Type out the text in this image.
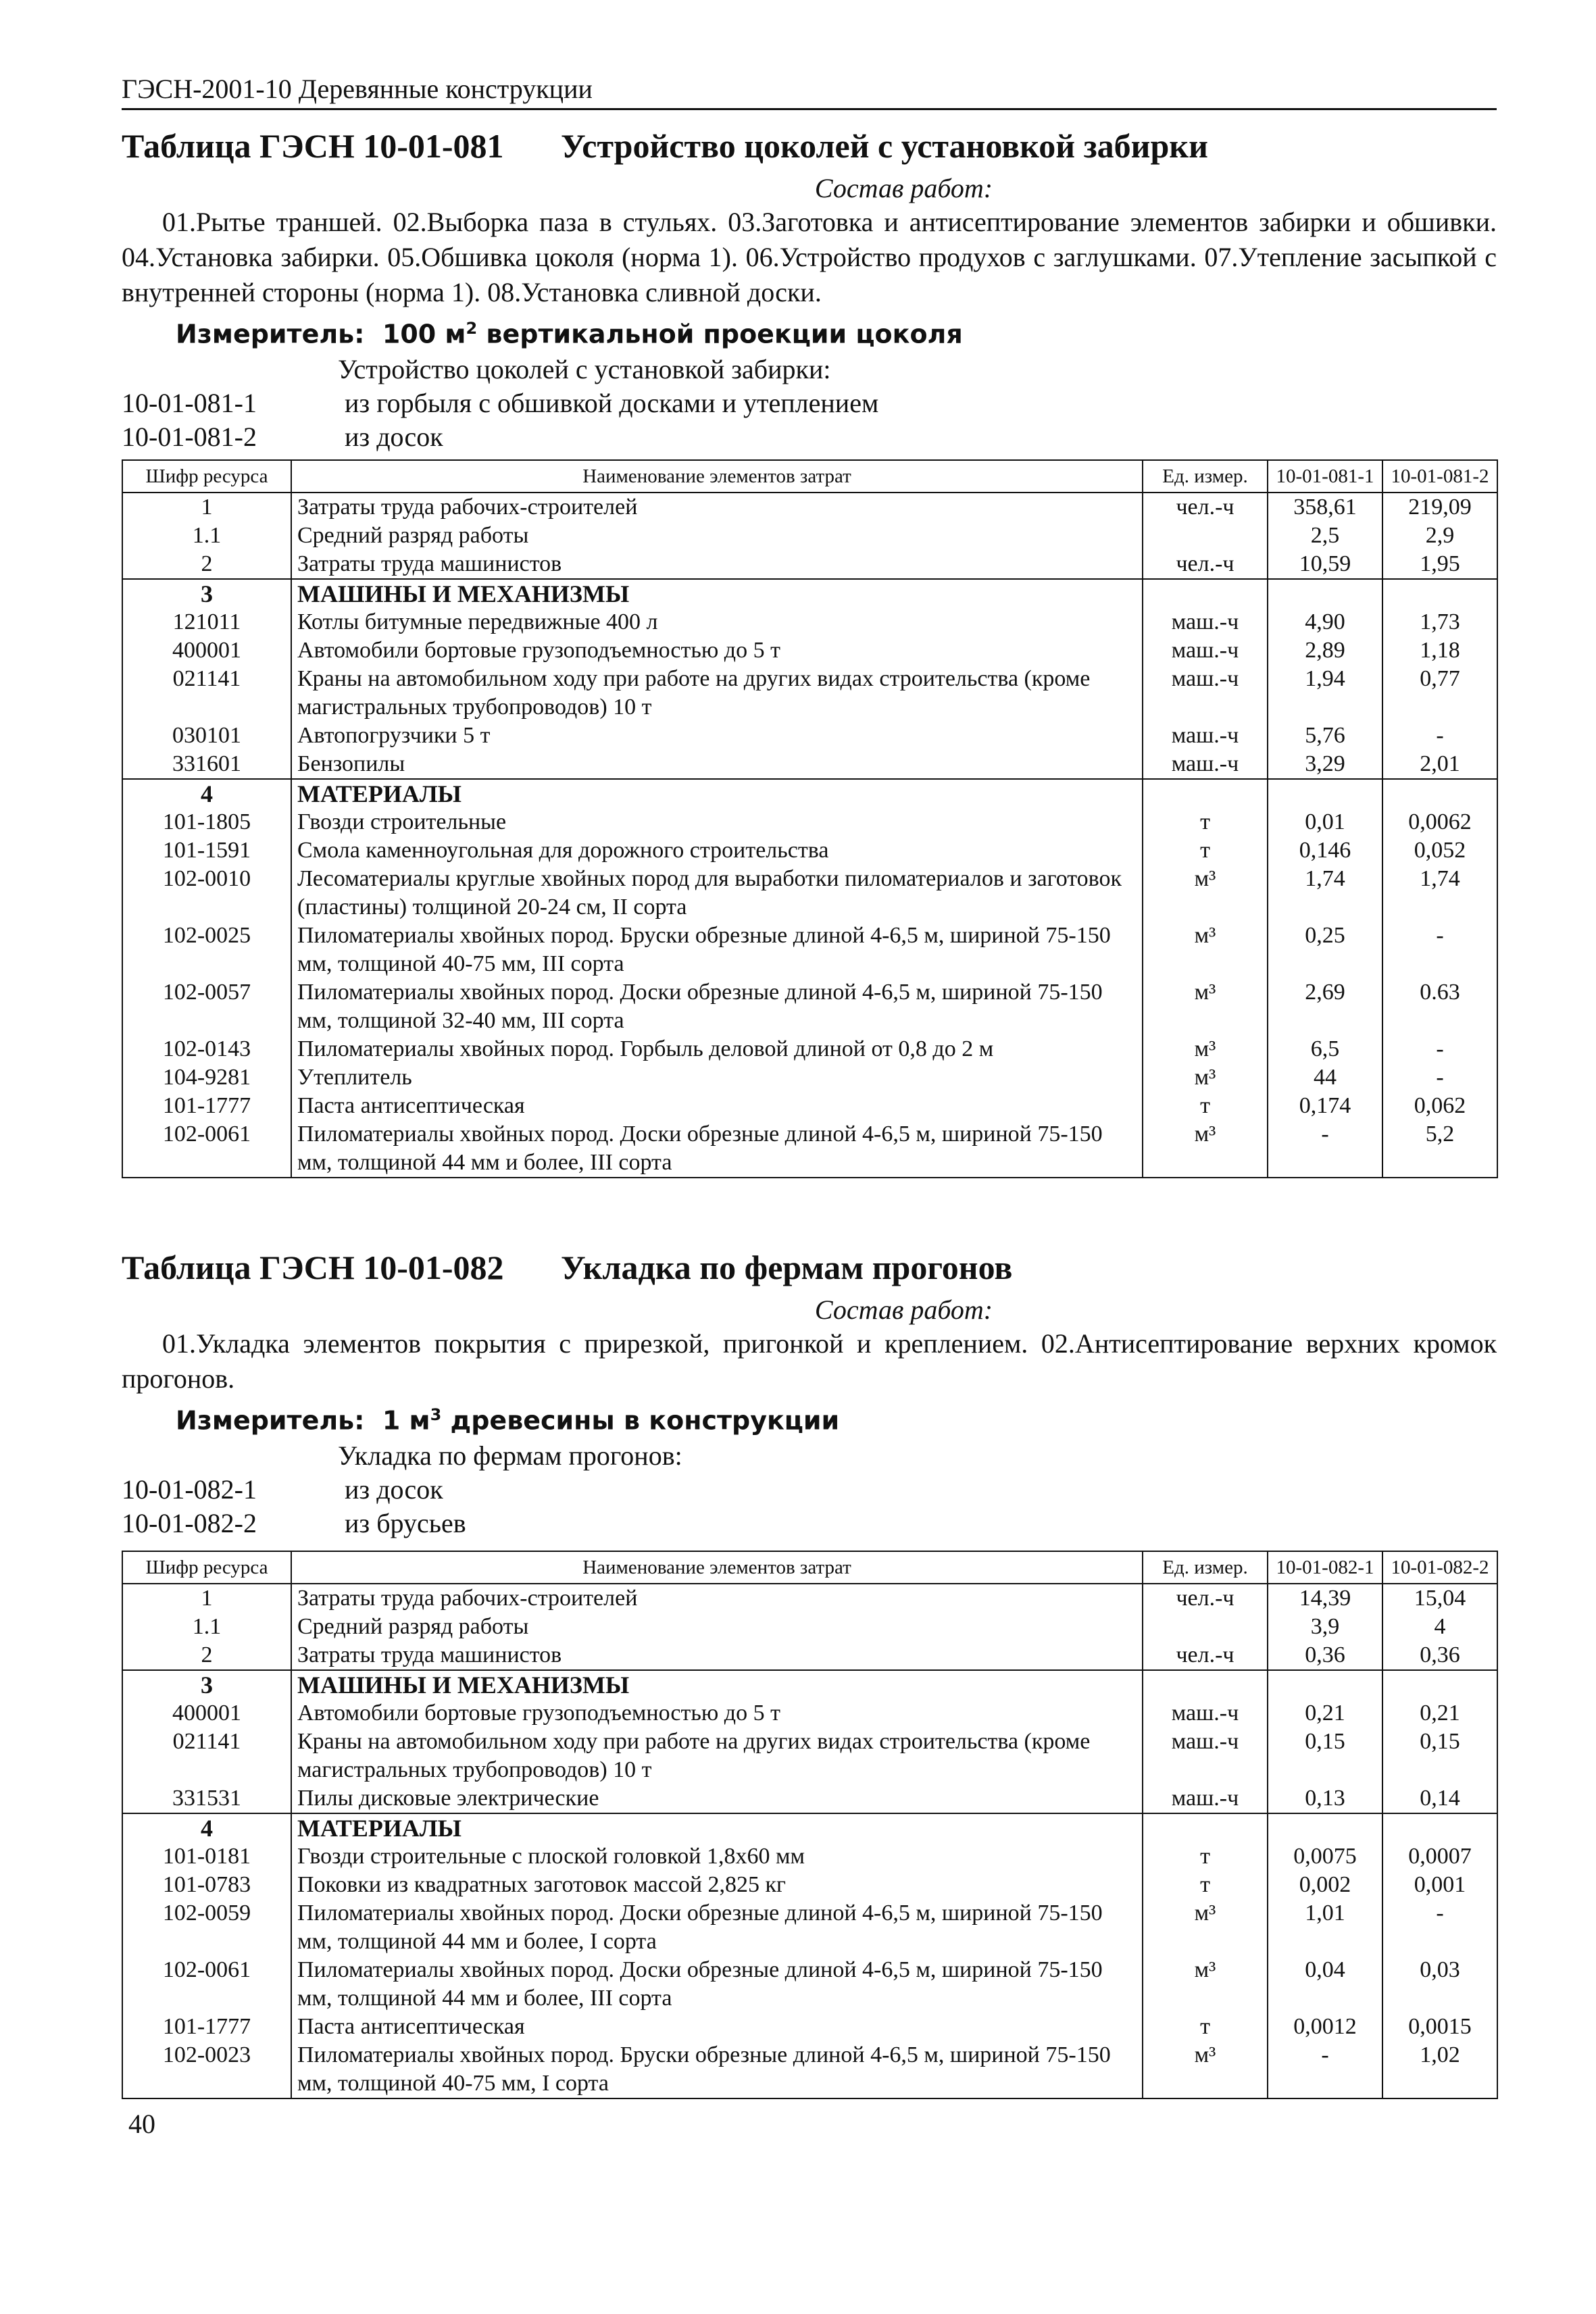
ГЭСН-2001-10 Деревянные конструкции
Таблица ГЭСН 10-01-081 Устройство цоколей с установкой забирки
Состав работ:
01.Рытье траншей. 02.Выборка паза в стульях. 03.Заготовка и антисептирование элементов забирки и обшивки. 04.Установка забирки. 05.Обшивка цоколя (норма 1). 06.Устройство продухов с заглушками. 07.Утепление засыпкой с внутренней стороны (норма 1). 08.Установка сливной доски.
Измеритель: 100 $м^2$ вертикальной проекции цоколя
Устройство цоколей с установкой забирки:
10-01-081-1	из горбыля с обшивкой досками и утеплением
10-01-081-2	из досок
Шифр ресурса	Наименование элементов затрат	Ед. измер.	10-01-081-1	10-01-081-2
1	Затраты труда рабочих-строителей	чел.-ч	358,61	219,09
1.1	Средний разряд работы		2,5	2,9
2	Затраты труда машинистов	чел.-ч	10,59	1,95
3	МАШИНЫ И МЕХАНИЗМЫ			
121011	Котлы битумные передвижные 400 л	маш.-ч	4,90	1,73
400001	Автомобили бортовые грузоподъемностью до 5 т	маш.-ч	2,89	1,18
021141	Краны на автомобильном ходу при работе на других видах строительства (кроме магистральных трубопроводов) 10 т	маш.-ч	1,94	0,77
030101	Автопогрузчики 5 т	маш.-ч	5,76	-
331601	Бензопилы	маш.-ч	3,29	2,01
4	МАТЕРИАЛЫ			
101-1805	Гвозди строительные	т	0,01	0,0062
101-1591	Смола каменноугольная для дорожного строительства	т	0,146	0,052
102-0010	Лесоматериалы круглые хвойных пород для выработки пиломатериалов и заготовок (пластины) толщиной 20-24 см, II сорта	м³	1,74	1,74
102-0025	Пиломатериалы хвойных пород. Бруски обрезные длиной 4-6,5 м, шириной 75-150 мм, толщиной 40-75 мм, III сорта	м³	0,25	-
102-0057	Пиломатериалы хвойных пород. Доски обрезные длиной 4-6,5 м, шириной 75-150 мм, толщиной 32-40 мм, III сорта	м³	2,69	0.63
102-0143	Пиломатериалы хвойных пород. Горбыль деловой длиной от 0,8 до 2 м	м³	6,5	-
104-9281	Утеплитель	м³	44	-
101-1777	Паста антисептическая	т	0,174	0,062
102-0061	Пиломатериалы хвойных пород. Доски обрезные длиной 4-6,5 м, шириной 75-150 мм, толщиной 44 мм и более, III сорта	м³	-	5,2
Таблица ГЭСН 10-01-082 Укладка по фермам прогонов
Состав работ:
01.Укладка элементов покрытия с прирезкой, пригонкой и креплением. 02.Антисептирование верхних кромок прогонов.
Измеритель: 1 $м^3$ древесины в конструкции
Укладка по фермам прогонов:
10-01-082-1	из досок
10-01-082-2	из брусьев
Шифр ресурса	Наименование элементов затрат	Ед. измер.	10-01-082-1	10-01-082-2
1	Затраты труда рабочих-строителей	чел.-ч	14,39	15,04
1.1	Средний разряд работы		3,9	4
2	Затраты труда машинистов	чел.-ч	0,36	0,36
3	МАШИНЫ И МЕХАНИЗМЫ			
400001	Автомобили бортовые грузоподъемностью до 5 т	маш.-ч	0,21	0,21
021141	Краны на автомобильном ходу при работе на других видах строительства (кроме магистральных трубопроводов) 10 т	маш.-ч	0,15	0,15
331531	Пилы дисковые электрические	маш.-ч	0,13	0,14
4	МАТЕРИАЛЫ			
101-0181	Гвозди строительные с плоской головкой 1,8x60 мм	т	0,0075	0,0007
101-0783	Поковки из квадратных заготовок массой 2,825 кг	т	0,002	0,001
102-0059	Пиломатериалы хвойных пород. Доски обрезные длиной 4-6,5 м, шириной 75-150 мм, толщиной 44 мм и более, I сорта	м³	1,01	-
102-0061	Пиломатериалы хвойных пород. Доски обрезные длиной 4-6,5 м, шириной 75-150 мм, толщиной 44 мм и более, III сорта	м³	0,04	0,03
101-1777	Паста антисептическая	т	0,0012	0,0015
102-0023	Пиломатериалы хвойных пород. Бруски обрезные длиной 4-6,5 м, шириной 75-150 мм, толщиной 40-75 мм, I сорта	м³	-	1,02
40
